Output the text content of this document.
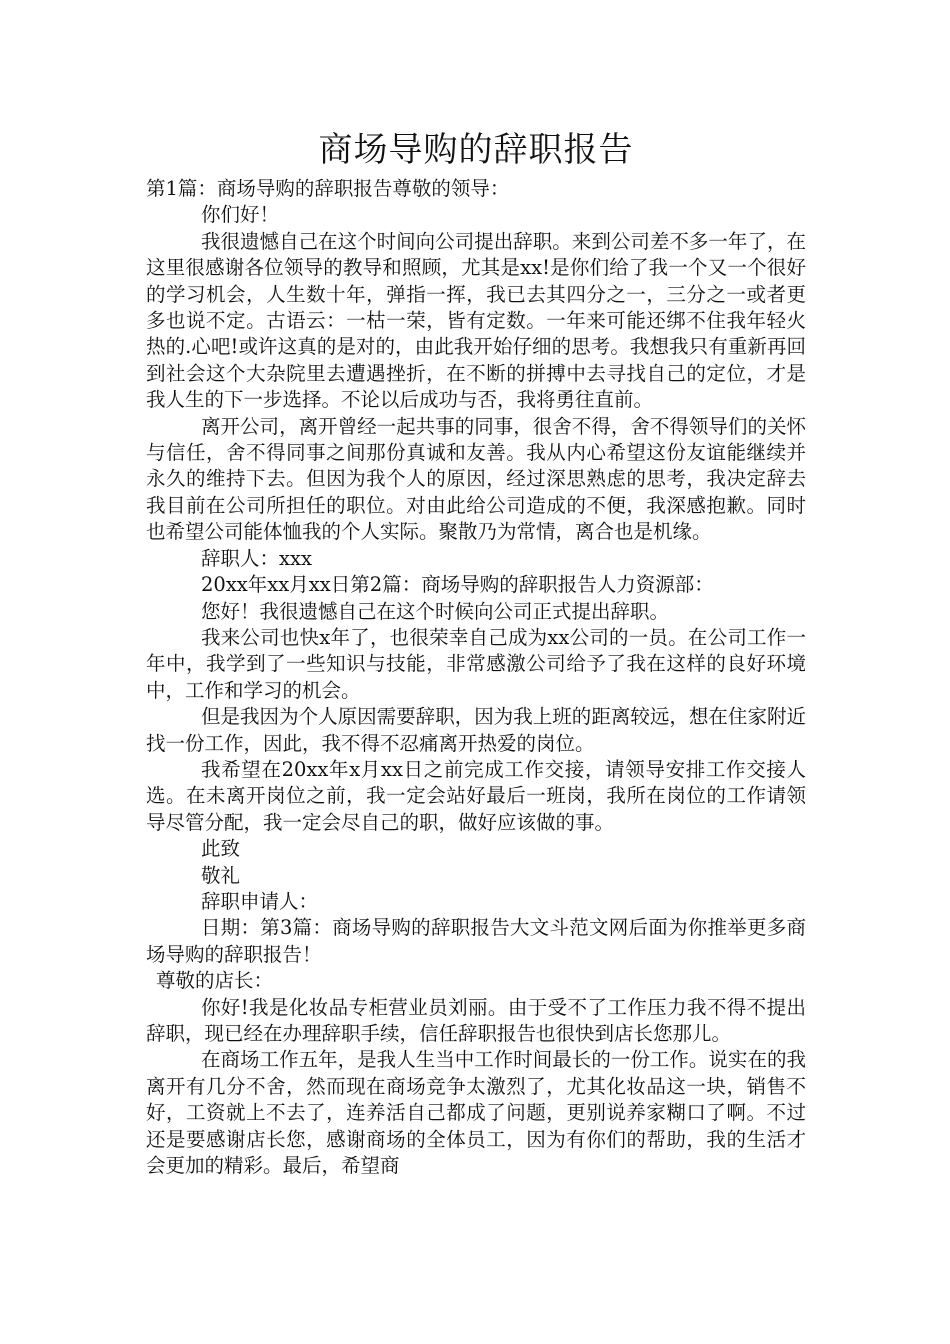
商场导购的辞职报告

第1篇：商场导购的辞职报告尊敬的领导：

你们好！

我很遗憾自己在这个时间向公司提出辞职。来到公司差不多一年了，在这里很感谢各位领导的教导和照顾，尤其是xx!是你们给了我一个又一个很好的学习机会，人生数十年，弹指一挥，我已去其四分之一，三分之一或者更多也说不定。古语云：一枯一荣，皆有定数。一年来可能还绑不住我年轻火热的.心吧!或许这真的是对的，由此我开始仔细的思考。我想我只有重新再回到社会这个大杂院里去遭遇挫折，在不断的拼搏中去寻找自己的定位，才是我人生的下一步选择。不论以后成功与否，我将勇往直前。

离开公司，离开曾经一起共事的同事，很舍不得，舍不得领导们的关怀与信任，舍不得同事之间那份真诚和友善。我从内心希望这份友谊能继续并永久的维持下去。但因为我个人的原因，经过深思熟虑的思考，我决定辞去我目前在公司所担任的职位。对由此给公司造成的不便，我深感抱歉。同时也希望公司能体恤我的个人实际。聚散乃为常情，离合也是机缘。

辞职人：xxx

20xx年xx月xx日第2篇：商场导购的辞职报告人力资源部：

您好！我很遗憾自己在这个时候向公司正式提出辞职。

我来公司也快x年了，也很荣幸自己成为xx公司的一员。在公司工作一年中，我学到了一些知识与技能，非常感激公司给予了我在这样的良好环境中，工作和学习的机会。

但是我因为个人原因需要辞职，因为我上班的距离较远，想在住家附近找一份工作，因此，我不得不忍痛离开热爱的岗位。

我希望在20xx年x月xx日之前完成工作交接，请领导安排工作交接人选。在未离开岗位之前，我一定会站好最后一班岗，我所在岗位的工作请领导尽管分配，我一定会尽自己的职，做好应该做的事。

此致

敬礼

辞职申请人：

日期：第3篇：商场导购的辞职报告大文斗范文网后面为你推举更多商场导购的辞职报告！

尊敬的店长：

你好!我是化妆品专柜营业员刘丽。由于受不了工作压力我不得不提出辞职，现已经在办理辞职手续，信任辞职报告也很快到店长您那儿。

在商场工作五年，是我人生当中工作时间最长的一份工作。说实在的我离开有几分不舍，然而现在商场竞争太激烈了，尤其化妆品这一块，销售不好，工资就上不去了，连养活自己都成了问题，更别说养家糊口了啊。不过还是要感谢店长您，感谢商场的全体员工，因为有你们的帮助，我的生活才会更加的精彩。最后，希望商
